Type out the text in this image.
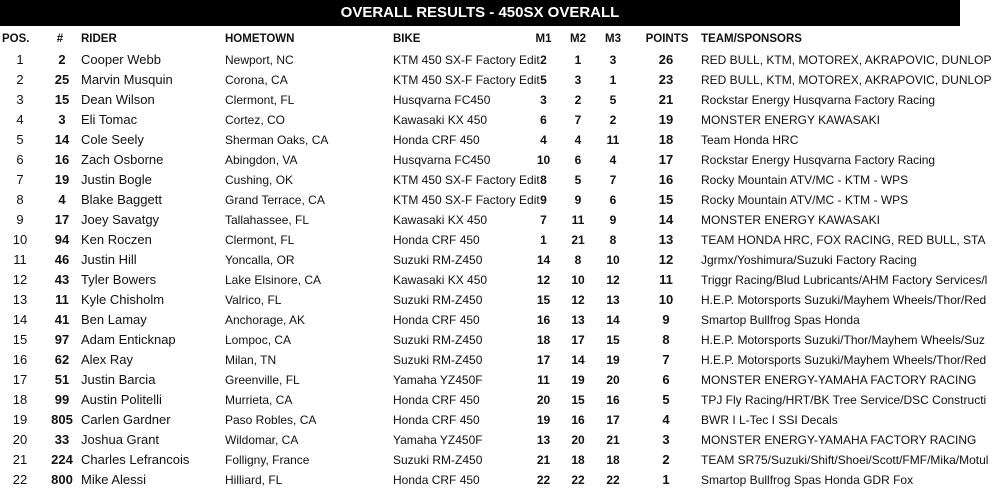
OVERALL RESULTS - 450SX OVERALL
POS.	#	RIDER	HOMETOWN	BIKE	M1	M2	M3	POINTS	TEAM/SPONSORS
1	2	Cooper Webb	Newport, NC	KTM 450 SX-F Factory Edit 2	1	3	26	RED BULL, KTM, MOTOREX, AKRAPOVIC, DUNLOP
2	25 Marvin Musquin	Corona, CA	KTM 450 SX-F Factory Edit 5	3	1	23	RED BULL, KTM, MOTOREX, AKRAPOVIC, DUNLOP
3	15 Dean Wilson	Clermont, FL	Husqvarna FC450	3	2	5	21	Rockstar Energy Husqvarna Factory Racing
4	3	Eli Tomac	Cortez, CO	Kawasaki KX 450	6	7	2	19	MONSTER ENERGY KAWASAKI
5	14 Cole Seely	Sherman Oaks, CA	Honda CRF 450	4	4	11	18	Team Honda HRC
6	16 Zach Osborne	Abingdon, VA	Husqvarna FC450	10	6	4	17	Rockstar Energy Husqvarna Factory Racing
7	19 Justin Bogle	Cushing, OK	KTM 450 SX-F Factory Edit 8	5	7	16	Rocky Mountain ATV/MC - KTM - WPS
8	4	Blake Baggett	Grand Terrace, CA	KTM 450 SX-F Factory Edit 9	9	6	15	Rocky Mountain ATV/MC - KTM - WPS
9	17 Joey Savatgy	Tallahassee, FL	Kawasaki KX 450	7	11	9	14	MONSTER ENERGY KAWASAKI
10	94 Ken Roczen	Clermont, FL	Honda CRF 450	1	21	8	13	TEAM HONDA HRC, FOX RACING, RED BULL, STA
11	46 Justin Hill	Yoncalla, OR	Suzuki RM-Z450	14	8	10	12	Jgrmx/Yoshimura/Suzuki Factory Racing
12	43 Tyler Bowers	Lake Elsinore, CA	Kawasaki KX 450	12	10	12	11	Triggr Racing/Blud Lubricants/AHM Factory Services/l
13	11 Kyle Chisholm	Valrico, FL	Suzuki RM-Z450	15	12	13	10	H.E.P. Motorsports Suzuki/Mayhem Wheels/Thor/Red
14	41 Ben Lamay	Anchorage, AK	Honda CRF 450	16	13	14	9	Smartop Bullfrog Spas Honda
15	97 Adam Enticknap	Lompoc, CA	Suzuki RM-Z450	18	17	15	8	H.E.P. Motorsports Suzuki/Thor/Mayhem Wheels/Suz
16	62 Alex Ray	Milan, TN	Suzuki RM-Z450	17	14	19	7	H.E.P. Motorsports Suzuki/Mayhem Wheels/Thor/Red
17	51 Justin Barcia	Greenville, FL	Yamaha YZ450F	11	19	20	6	MONSTER ENERGY-YAMAHA FACTORY RACING
18	99 Austin Politelli	Murrieta, CA	Honda CRF 450	20	15	16	5	TPJ Fly Racing/HRT/BK Tree Service/DSC Constructi
19	805 Carlen Gardner	Paso Robles, CA	Honda CRF 450	19	16	17	4	BWR I L-Tec I SSI Decals
20	33 Joshua Grant	Wildomar, CA	Yamaha YZ450F	13	20	21	3	MONSTER ENERGY-YAMAHA FACTORY RACING
21	224 Charles Lefrancois	Folligny, France	Suzuki RM-Z450	21	18	18	2	TEAM SR75/Suzuki/Shift/Shoei/Scott/FMF/Mika/Motul
22	800 Mike Alessi	Hilliard, FL	Honda CRF 450	22	22	22	1	Smartop Bullfrog Spas Honda GDR Fox
